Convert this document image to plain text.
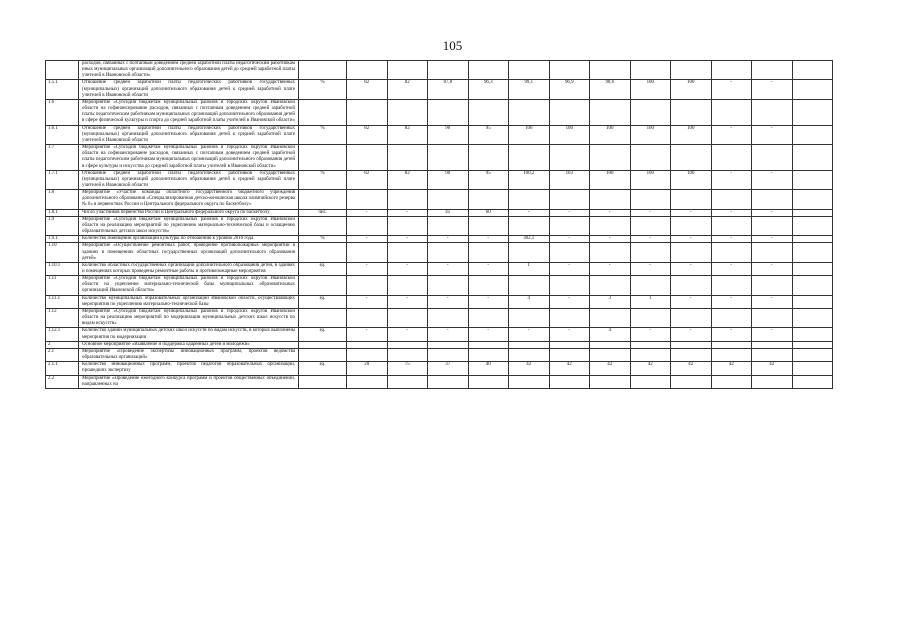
105
	расходов, связанных с поэтапным доведением средней заработной платы педагогическим работникам иных муниципальных организаций дополнительного образования детей до средней заработной платы учителей в Ивановской области»													
1.5.1	Отношение средней заработной платы педагогических работников государственных (муниципальных) организаций дополнительного образования детей к средней заработной плате учителей в Ивановской области	%	82	82	87,8	96,3	99,1	96,9	98,6	100	100	-	-	
1.6	Мероприятие «Субсидия бюджетам муниципальных районов и городских округов Ивановской области на софинансирование расходов, связанных с поэтапным доведением средней заработной платы педагогическим работникам муниципальных организаций дополнительного образования детей в сфере физической культуры и спорта до средней заработной платы учителей в Ивановской области»													
1.6.1	Отношение средней заработной платы педагогических работников государственных (муниципальных) организаций дополнительного образования детей к средней заработной плате учителей в Ивановской области	%	82	82	90	95	100	100	100	100	100	-	-	
1.7	Мероприятие «Субсидия бюджетам муниципальных районов и городских округов Ивановской области на софинансирование расходов, связанных с поэтапным доведением средней заработной платы педагогическим работникам муниципальных организаций дополнительного образования детей в сфере культуры и искусства до средней заработной платы учителей в Ивановской области»													
1.7.1	Отношение средней заработной платы педагогических работников государственных (муниципальных) организаций дополнительного образования детей к средней заработной плате учителей в Ивановской области	%	82	82	90	95	100,2	103	100	100	100	-	-	
1.8	Мероприятие «Участие команды областного государственного бюджетного учреждения дополнительного образования «Специализированная детско-юношеская школа олимпийского резерва № 6» в первенствах России и Центрального федерального округа по баскетболу»													
1.8.1	Число участников первенства России и Центрального федерального округа по баскетболу	чел.	-	-	45	60	-	-	-	-	-	-	-	
1.9	Мероприятие «Субсидия бюджетам муниципальных районов и городских округов Ивановской области на реализацию мероприятий по укреплению материально-технической базы и оснащению образовательных детских школ искусств»													
1.9.1	Количество помещений организаций культуры по отношению к уровню 2010 года	%	-	-	-	-	302,1	-	-	-	-	-	-	
1.10	Мероприятие «Осуществление ремонтных работ, проведение противопожарных мероприятий в зданиях и помещениях областных государственных организаций дополнительного образования детей»													
1.10.1	Количество областных государственных организаций дополнительного образования детей, в зданиях и помещениях которых проведены ремонтные работы и противопожарные мероприятия	ед.	-	-	-	-	1	-	-	-	-	-	-	
1.11	Мероприятие «Субсидия бюджетам муниципальных районов и городских округов Ивановской области на укрепление материально-технической базы муниципальных образовательных организаций Ивановской области»													
1.11.1	Количество муниципальных образовательных организаций Ивановской области, осуществляющих мероприятия по укреплению материально-технической базы	ед.	-	-	-	-	4	-	3	1	-	-	-	
1.12	Мероприятие «Субсидия бюджетам муниципальных районов и городских округов Ивановской области на реализацию мероприятий по модернизации муниципальных детских школ искусств по видам искусств»													
1.12.1	Количество зданий муниципальных детских школ искусств по видам искусств, в которых выполнены мероприятия по модернизации	ед.	-	-	-	-	-	-	4	-	-	-	-	
2	Основное мероприятие «Выявление и поддержка одаренных детей и молодежи»													
2.1	Мероприятие «Проведение экспертизы инновационных программ, проектов ведомства образовательных организаций»													
2.1.1	Количество инновационных программ, проектов педагогов образовательных организаций, прошедших экспертизу	ед.	20	75	37	40	42	42	42	42	42	42	42	
2.2	Мероприятие «Проведение ежегодного конкурса программ и проектов общественных объединений, направленных на													
